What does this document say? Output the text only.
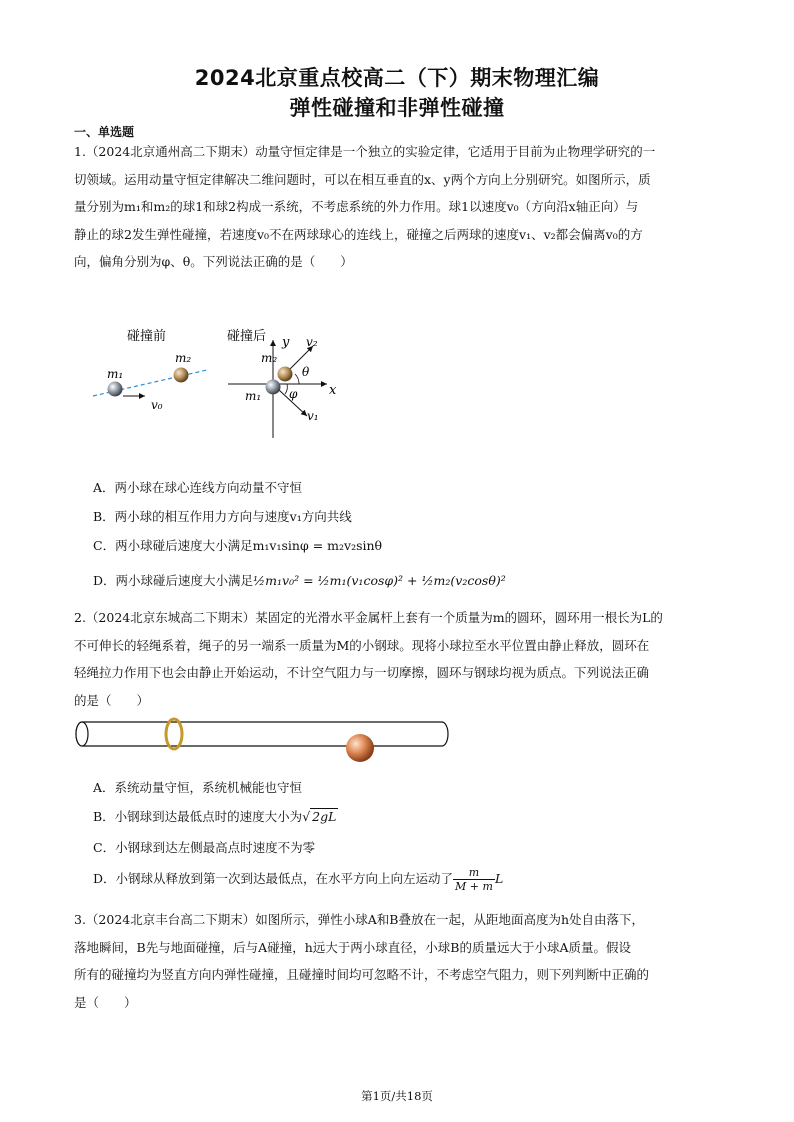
2024北京重点校高二（下）期末物理汇编
弹性碰撞和非弹性碰撞
一、单选题
1.（2024北京通州高二下期末）动量守恒定律是一个独立的实验定律，它适用于目前为止物理学研究的一
切领域。运用动量守恒定律解决二维问题时，可以在相互垂直的x、y两个方向上分别研究。如图所示，质
量分别为m₁和m₂的球1和球2构成一系统，不考虑系统的外力作用。球1以速度v₀（方向沿x轴正向）与
静止的球2发生弹性碰撞，若速度v₀不在两球球心的连线上，碰撞之后两球的速度v₁、v₂都会偏离v₀的方
向，偏角分别为φ、θ。下列说法正确的是（　　）
碰撞前
m₁
m₂
v₀
碰撞后
x
y v₂
v₁
m₂
m₁
θ
φ
A．两小球在球心连线方向动量不守恒
B．两小球的相互作用力方向与速度v₁方向共线
C．两小球碰后速度大小满足m₁v₁sinφ = m₂v₂sinθ
D．两小球碰后速度大小满足½m₁v₀² = ½m₁(v₁cosφ)² + ½m₂(v₂cosθ)²
2.（2024北京东城高二下期末）某固定的光滑水平金属杆上套有一个质量为m的圆环，圆环用一根长为L的
不可伸长的轻绳系着，绳子的另一端系一质量为M的小钢球。现将小球拉至水平位置由静止释放，圆环在
轻绳拉力作用下也会由静止开始运动，不计空气阻力与一切摩擦，圆环与钢球均视为质点。下列说法正确
的是（　　）
A．系统动量守恒，系统机械能也守恒
B．小钢球到达最低点时的速度大小为√ 2gL
C．小钢球到达左侧最高点时速度不为零
D．小钢球从释放到第一次到达最低点，在水平方向上向左运动了 $\frac{m}{M + m}$ L
3.（2024北京丰台高二下期末）如图所示，弹性小球A和B叠放在一起，从距地面高度为h处自由落下，
落地瞬间，B先与地面碰撞，后与A碰撞，h远大于两小球直径，小球B的质量远大于小球A质量。假设
所有的碰撞均为竖直方向内弹性碰撞，且碰撞时间均可忽略不计，不考虑空气阻力，则下列判断中正确的
是（　　）
第1页/共18页
